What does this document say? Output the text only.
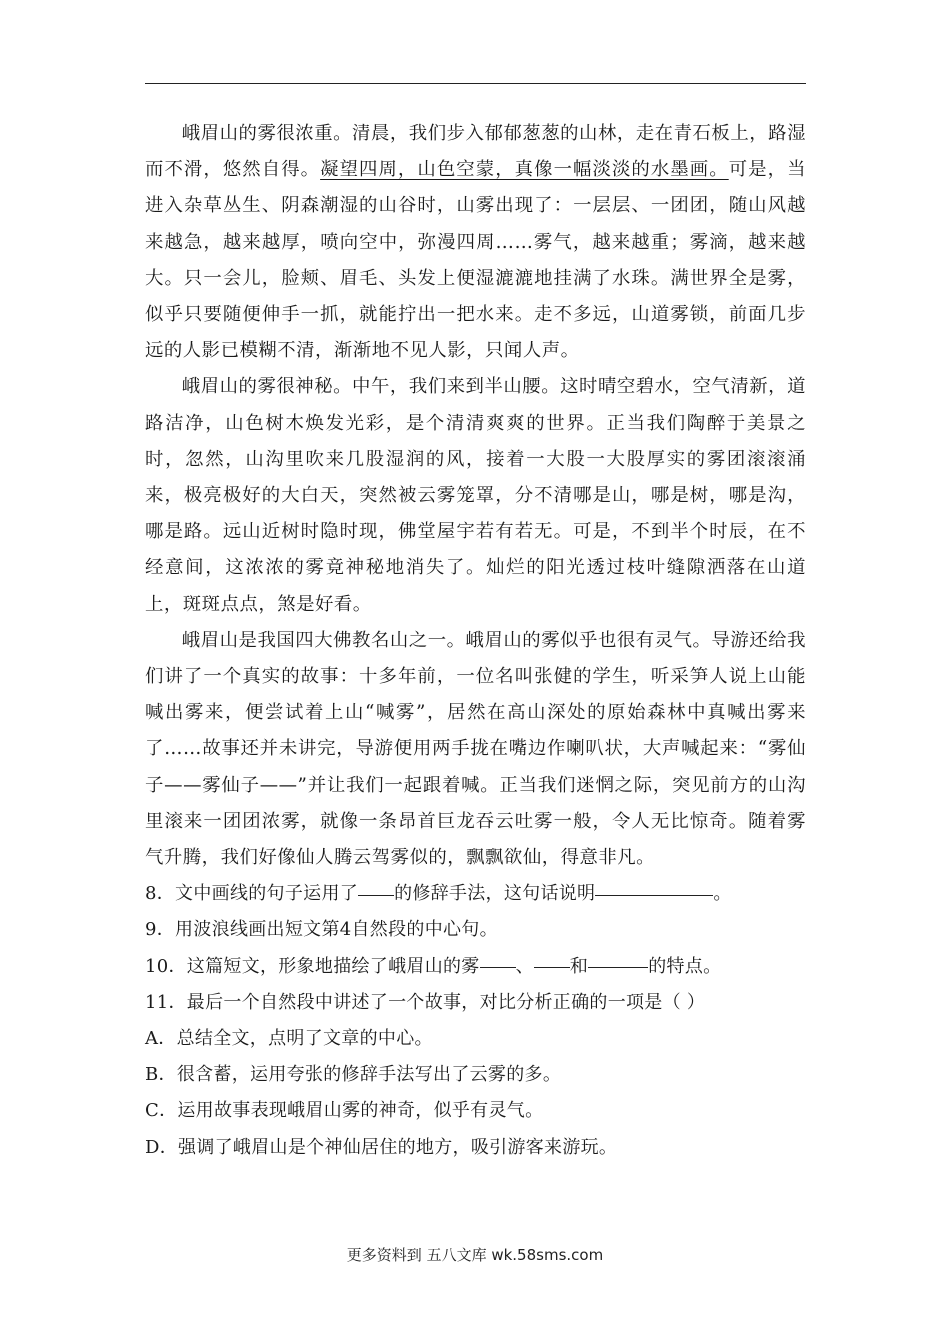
峨眉山的雾很浓重。清晨，我们步入郁郁葱葱的山林，走在青石板上，路湿而不滑，悠然自得。凝望四周，山色空蒙，真像一幅淡淡的水墨画。可是，当进入杂草丛生、阴森潮湿的山谷时，山雾出现了：一层层、一团团，随山风越来越急，越来越厚，喷向空中，弥漫四周……雾气，越来越重；雾滴，越来越大。只一会儿，脸颊、眉毛、头发上便湿漉漉地挂满了水珠。满世界全是雾，似乎只要随便伸手一抓，就能拧出一把水来。走不多远，山道雾锁，前面几步远的人影已模糊不清，渐渐地不见人影，只闻人声。

峨眉山的雾很神秘。中午，我们来到半山腰。这时晴空碧水，空气清新，道路洁净，山色树木焕发光彩，是个清清爽爽的世界。正当我们陶醉于美景之时，忽然，山沟里吹来几股湿润的风，接着一大股一大股厚实的雾团滚滚涌来，极亮极好的大白天，突然被云雾笼罩，分不清哪是山，哪是树，哪是沟，哪是路。远山近树时隐时现，佛堂屋宇若有若无。可是，不到半个时辰，在不经意间，这浓浓的雾竟神秘地消失了。灿烂的阳光透过枝叶缝隙洒落在山道上，斑斑点点，煞是好看。

峨眉山是我国四大佛教名山之一。峨眉山的雾似乎也很有灵气。导游还给我们讲了一个真实的故事：十多年前，一位名叫张健的学生，听采笋人说上山能喊出雾来，便尝试着上山“喊雾”，居然在高山深处的原始森林中真喊出雾来了……故事还并未讲完，导游便用两手拢在嘴边作喇叭状，大声喊起来：“雾仙子——雾仙子——”并让我们一起跟着喊。正当我们迷惘之际，突见前方的山沟里滚来一团团浓雾，就像一条昂首巨龙吞云吐雾一般，令人无比惊奇。随着雾气升腾，我们好像仙人腾云驾雾似的，飘飘欲仙，得意非凡。

8．文中画线的句子运用了 的修辞手法，这句话说明	。

9．用波浪线画出短文第4自然段的中心句。

10．这篇短文，形象地描绘了峨眉山的雾 、 和	的特点。

11．最后一个自然段中讲述了一个故事，对比分析正确的一项是（ ）

A．总结全文，点明了文章的中心。

B．很含蓄，运用夸张的修辞手法写出了云雾的多。

C．运用故事表现峨眉山雾的神奇，似乎有灵气。

D．强调了峨眉山是个神仙居住的地方，吸引游客来游玩。

更多资料到 五八文库 wk.58sms.com
